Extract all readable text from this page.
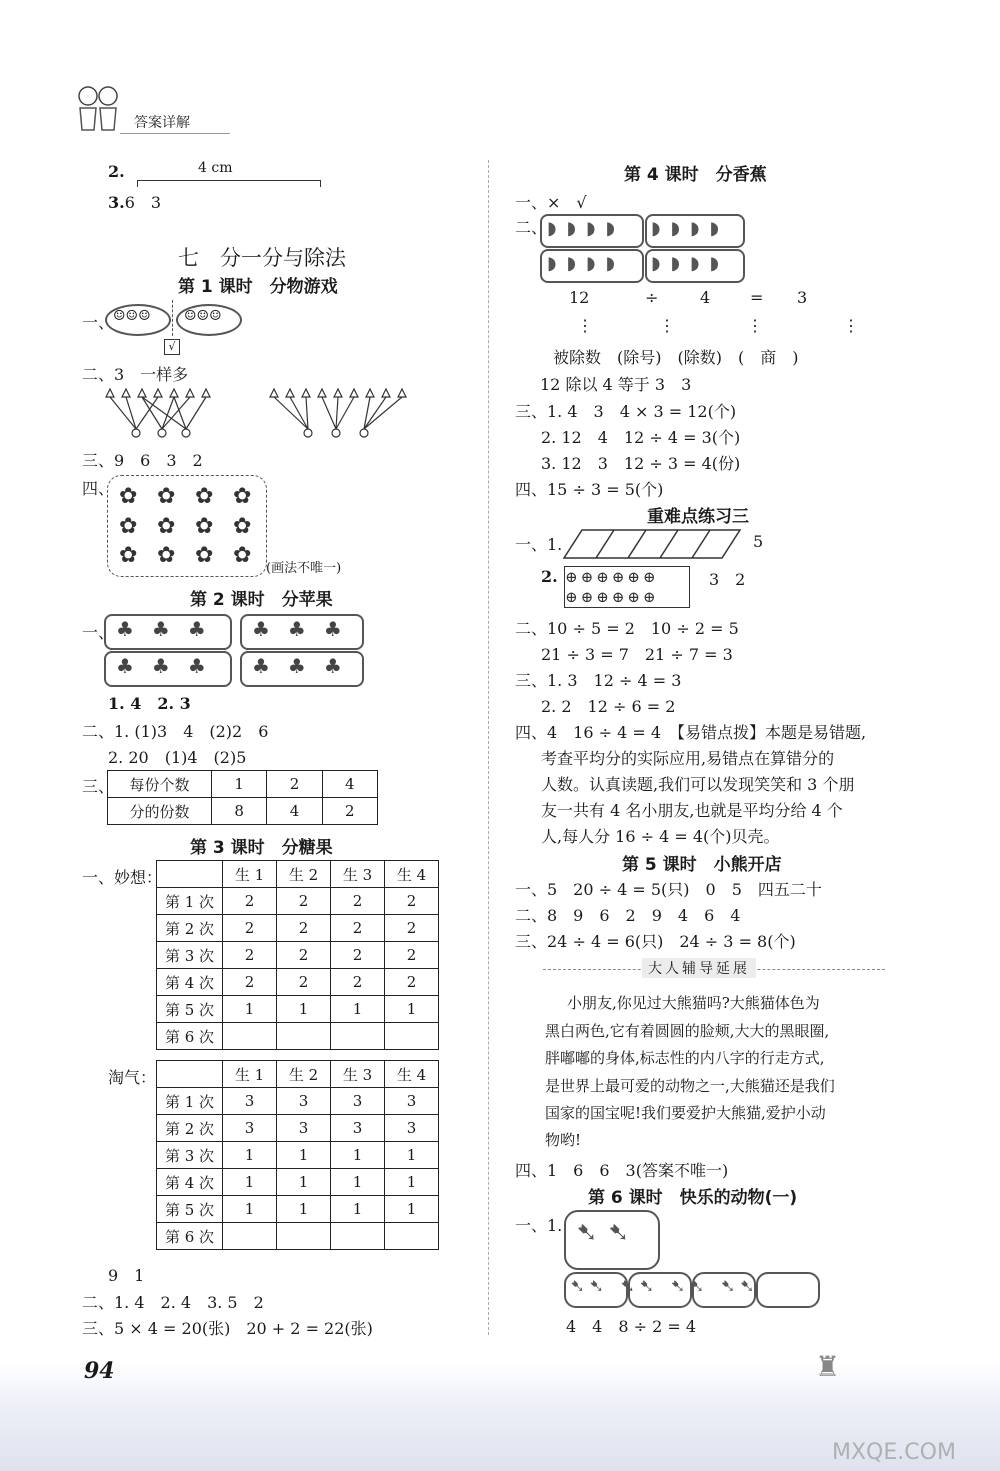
答案详解
2.	4 cm
3.6　3
七　分一分与除法
第 1 课时　分物游戏
一、
☺☺☺ ☺☺☺
√
二、3　一样多
三、9　6　3　2
四、 ✿ ✿ ✿ ✿
✿ ✿ ✿ ✿
✿ ✿ ✿ ✿
(画法不唯一)
第 2 课时　分苹果
一、 ♣♣♣ ♣♣♣
♣♣♣ ♣♣♣
1. 4　2. 3
二、1. (1)3　4　(2)2　6
2. 20　(1)4　(2)5
三、 每份个数	1	2	4
分的份数	8	4	2
第 3 课时　分糖果
一、妙想：
		生 1	生 2	生 3	生 4
第 1 次	2	2	2	2
第 2 次	2	2	2	2
第 3 次	2	2	2	2
第 4 次	2	2	2	2
第 5 次	1	1	1	1
第 6 次				
淘气：
		生 1	生 2	生 3	生 4
第 1 次	3	3	3	3
第 2 次	3	3	3	3
第 3 次	1	1	1	1
第 4 次	1	1	1	1
第 5 次	1	1	1	1
第 6 次				
9　1
二、1. 4　2. 4　3. 5　2
三、5 × 4 = 20(张)　20 + 2 = 22(张)
94
第 4 课时　分香蕉
一、×　√
二、 ◗◗◗◗ ◗◗◗◗
◗◗◗◗ ◗◗◗◗
12	÷	4 = 3
⋮	⋮	⋮	⋮
被除数　(除号)　(除数)　(　商　)
12 除以 4 等于 3　3
三、1. 4　3　4 × 3 = 12(个)
2. 12　4　12 ÷ 4 = 3(个)
3. 12　3　12 ÷ 3 = 4(份)
四、15 ÷ 3 = 5(个)
重难点练习三
一、1.	5
2. ⊕⊕⊕⊕⊕⊕
⊕⊕⊕⊕⊕⊕
3　2
二、10 ÷ 5 = 2　10 ÷ 2 = 5
21 ÷ 3 = 7　21 ÷ 7 = 3
三、1. 3　12 ÷ 4 = 3
2. 2　12 ÷ 6 = 2
四、4　16 ÷ 4 = 4　【易错点拨】本题是易错题,
考查平均分的实际应用,易错点在算错分的
人数。认真读题,我们可以发现笑笑和 3 个朋
友一共有 4 名小朋友,也就是平均分给 4 个
人,每人分 16 ÷ 4 = 4(个)贝壳。
第 5 课时　小熊开店
一、5　20 ÷ 4 = 5(只)　0　5　四五二十
二、8　9　6　2　9　4　6　4
三、24 ÷ 4 = 6(只)　24 ÷ 3 = 8(个)
大人辅导延展
小朋友,你见过大熊猫吗?大熊猫体色为
黑白两色,它有着圆圆的脸颊,大大的黑眼圈,
胖嘟嘟的身体,标志性的内八字的行走方式,
是世界上最可爱的动物之一,大熊猫还是我们
国家的国宝呢!我们要爱护大熊猫,爱护小动
物哟!
四、1　6　6　3(答案不唯一)
第 6 课时　快乐的动物(一)
一、1. ➷➷
➷➷ ➷➷ ➷➷ ➷➷
4　4　8 ÷ 2 = 4
♜
MXQE.COM
